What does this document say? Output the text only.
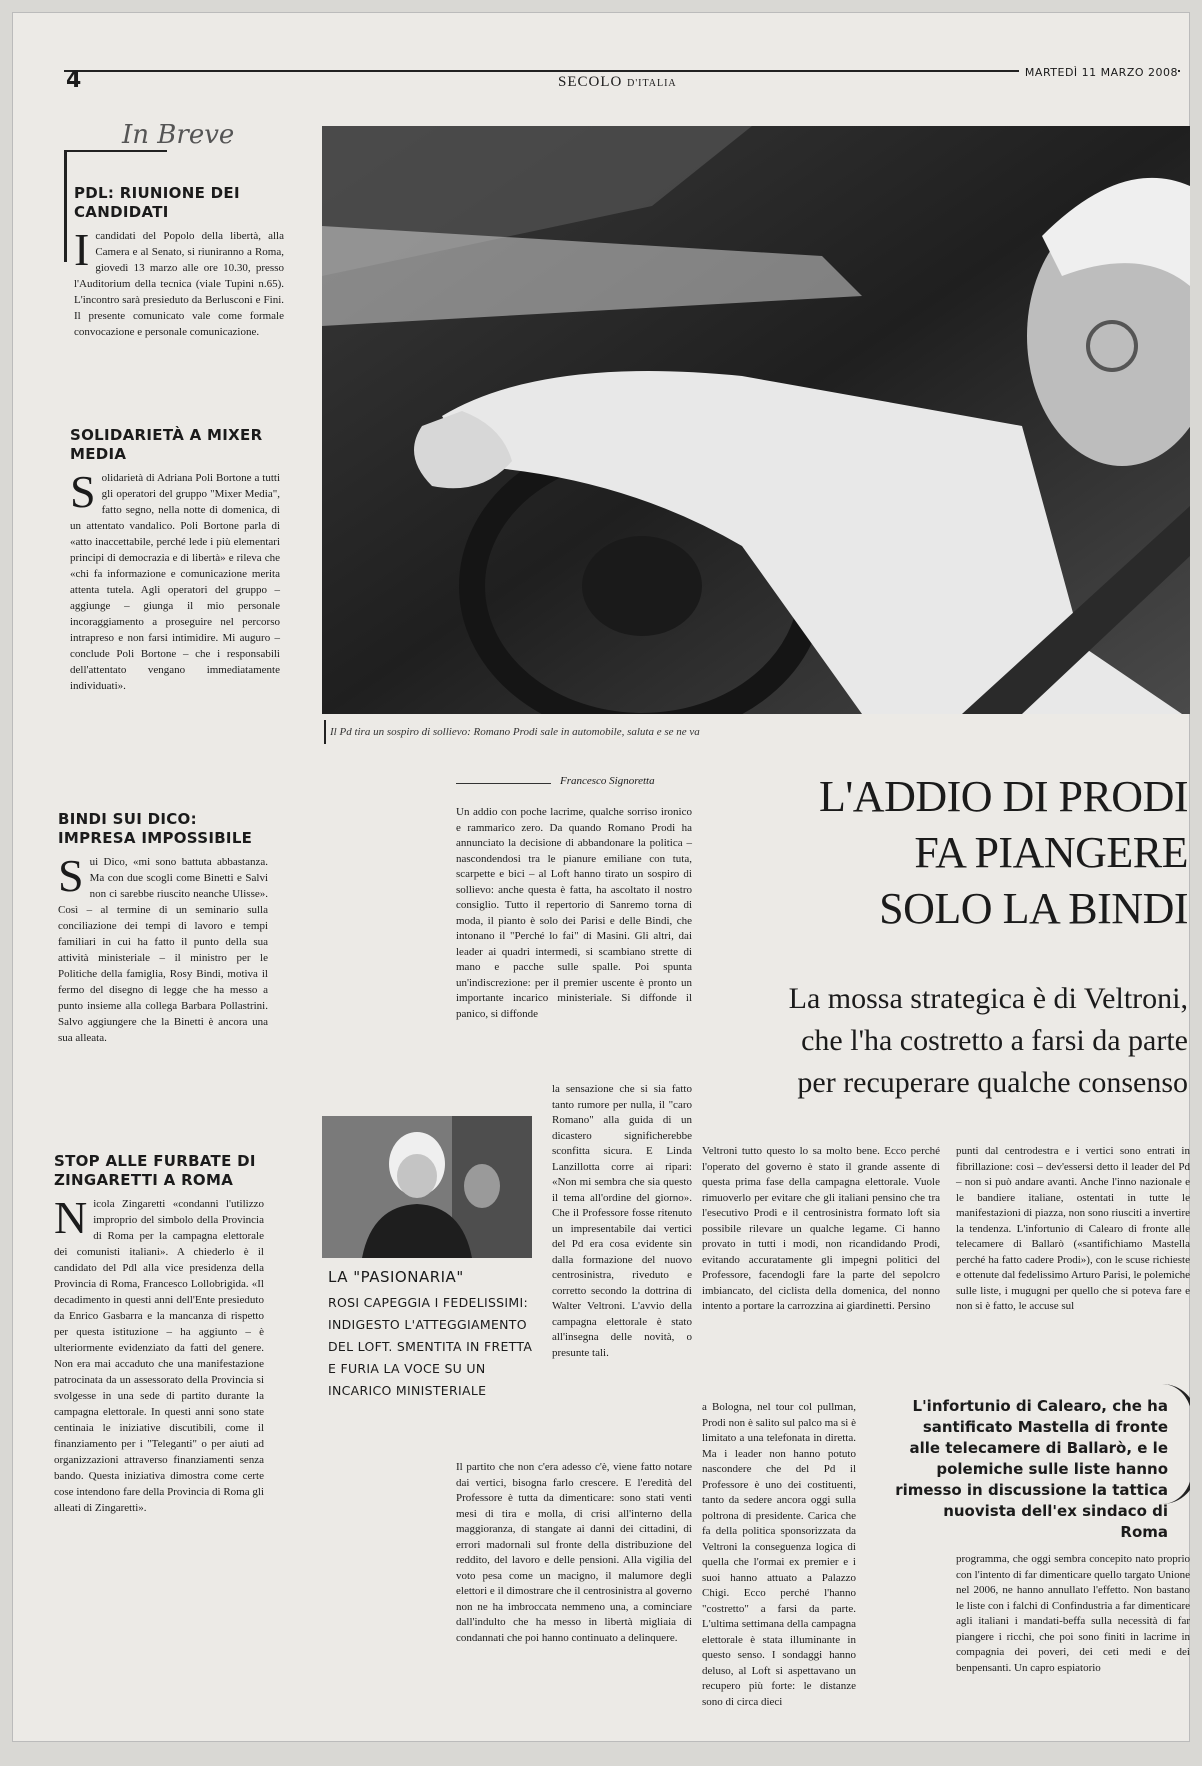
4	SECOLO D'ITALIA
MARTEDÌ 11 MARZO 2008
In Breve
PDL: RIUNIONE DEI CANDIDATI

Icandidati del Popolo della libertà, alla Camera e al Senato, si riuniranno a Roma, giovedì 13 marzo alle ore 10.30, presso l'Auditorium della tecnica (viale Tupini n.65). L'incontro sarà presieduto da Berlusconi e Fini. Il presente comunicato vale come formale convocazione e personale comunicazione.

SOLIDARIETÀ A MIXER MEDIA

Solidarietà di Adriana Poli Bortone a tutti gli operatori del gruppo "Mixer Media", fatto segno, nella notte di domenica, di un attentato vandalico. Poli Bortone parla di «atto inaccettabile, perché lede i più elementari principi di democrazia e di libertà» e rileva che «chi fa informazione e comunicazione merita attenta tutela. Agli operatori del gruppo – aggiunge – giunga il mio personale incoraggiamento a proseguire nel percorso intrapreso e non farsi intimidire. Mi auguro – conclude Poli Bortone – che i responsabili dell'attentato vengano immediatamente individuati».

BINDI SUI DICO: IMPRESA IMPOSSIBILE

Sui Dico, «mi sono battuta abbastanza. Ma con due scogli come Binetti e Salvi non ci sarebbe riuscito neanche Ulisse». Così – al termine di un seminario sulla conciliazione dei tempi di lavoro e tempi familiari in cui ha fatto il punto della sua attività ministeriale – il ministro per le Politiche della famiglia, Rosy Bindi, motiva il fermo del disegno di legge che ha messo a punto insieme alla collega Barbara Pollastrini. Salvo aggiungere che la Binetti è ancora una sua alleata.

STOP ALLE FURBATE DI ZINGARETTI A ROMA

Nicola Zingaretti «condanni l'utilizzo improprio del simbolo della Provincia di Roma per la campagna elettorale dei comunisti italiani». A chiederlo è il candidato del Pdl alla vice presidenza della Provincia di Roma, Francesco Lollobrigida. «Il decadimento in questi anni dell'Ente presieduto da Enrico Gasbarra e la mancanza di rispetto per questa istituzione – ha aggiunto – è ulteriormente evidenziato da fatti del genere. Non era mai accaduto che una manifestazione patrocinata da un assessorato della Provincia si svolgesse in una sede di partito durante la campagna elettorale. In questi anni sono state centinaia le iniziative discutibili, come il finanziamento per i "Teleganti" o per aiuti ad organizzazioni attraverso finanziamenti senza bando. Questa iniziativa dimostra come certe cose intendono fare della Provincia di Roma gli alleati di Zingaretti».

Il Pd tira un sospiro di sollievo: Romano Prodi sale in automobile, saluta e se ne va
Francesco Signoretta	L'ADDIO DI PRODI
FA PIANGERE
SOLO LA BINDI
La mossa strategica è di Veltroni,
che l'ha costretto a farsi da parte
per recuperare qualche consenso

Un addio con poche lacrime, qualche sorriso ironico e rammarico zero. Da quando Romano Prodi ha annunciato la decisione di abbandonare la politica – nascondendosi tra le pianure emiliane con tuta, scarpette e bici – al Loft hanno tirato un sospiro di sollievo: anche questa è fatta, ha ascoltato il nostro consiglio. Tutto il repertorio di Sanremo torna di moda, il pianto è solo dei Parisi e delle Bindi, che intonano il "Perché lo fai" di Masini. Gli altri, dai leader ai quadri intermedi, si scambiano strette di mano e pacche sulle spalle. Poi spunta un'indiscrezione: per il premier uscente è pronto un importante incarico ministeriale. Si diffonde il panico, si diffonde

la sensazione che si sia fatto tanto rumore per nulla, il "caro Romano" alla guida di un dicastero significherebbe sconfitta sicura. E Linda Lanzillotta corre ai ripari: «Non mi sembra che sia questo il tema all'ordine del giorno». Che il Professore fosse ritenuto un impresentabile dai vertici del Pd era cosa evidente sin dalla formazione del nuovo centrosinistra, riveduto e corretto secondo la dottrina di Walter Veltroni. L'avvio della campagna elettorale è stato all'insegna delle novità, o presunte tali.

Il partito che non c'era adesso c'è, viene fatto notare dai vertici, bisogna farlo crescere. E l'eredità del Professore è tutta da dimenticare: sono stati venti mesi di tira e molla, di crisi all'interno della maggioranza, di stangate ai danni dei cittadini, di errori madornali sul fronte della distribuzione del reddito, del lavoro e delle pensioni. Alla vigilia del voto pesa come un macigno, il malumore degli elettori e il dimostrare che il centrosinistra al governo non ne ha imbroccata nemmeno una, a cominciare dall'indulto che ha messo in libertà migliaia di condannati che poi hanno continuato a delinquere.

Veltroni tutto questo lo sa molto bene. Ecco perché l'operato del governo è stato il grande assente di questa prima fase della campagna elettorale. Vuole rimuoverlo per evitare che gli italiani pensino che tra l'esecutivo Prodi e il centrosinistra formato loft sia possibile rilevare un qualche legame. Ci hanno provato in tutti i modi, non ricandidando Prodi, evitando accuratamente gli impegni politici del Professore, facendogli fare la parte del sepolcro imbiancato, del ciclista della domenica, del nonno intento a portare la carrozzina ai giardinetti. Persino

a Bologna, nel tour col pullman, Prodi non è salito sul palco ma si è limitato a una telefonata in diretta. Ma i leader non hanno potuto nascondere che del Pd il Professore è uno dei costituenti, tanto da sedere ancora oggi sulla poltrona di presidente. Carica che fa della politica sponsorizzata da Veltroni la conseguenza logica di quella che l'ormai ex premier e i suoi hanno attuato a Palazzo Chigi. Ecco perché l'hanno "costretto" a farsi da parte. L'ultima settimana della campagna elettorale è stata illuminante in questo senso. I sondaggi hanno deluso, al Loft si aspettavano un recupero più forte: le distanze sono di circa dieci

punti dal centrodestra e i vertici sono entrati in fibrillazione: così – dev'essersi detto il leader del Pd – non si può andare avanti. Anche l'inno nazionale e le bandiere italiane, ostentati in tutte le manifestazioni di piazza, non sono riusciti a invertire la tendenza. L'infortunio di Calearo di fronte alle telecamere di Ballarò («santifichiamo Mastella perché ha fatto cadere Prodi»), con le scuse richieste e ottenute dal fedelissimo Arturo Parisi, le polemiche sulle liste, i mugugni per quello che si poteva fare e non si è fatto, le accuse sul

programma, che oggi sembra concepito nato proprio con l'intento di far dimenticare quello targato Unione nel 2006, ne hanno annullato l'effetto. Non bastano le liste con i falchi di Confindustria a far dimenticare agli italiani i mandati-beffa sulla necessità di far piangere i ricchi, che poi sono finiti in lacrime in compagnia dei poveri, dei ceti medi e dei benpensanti. Un capro espiatorio

LA "PASIONARIA"
ROSI CAPEGGIA I FEDELISSIMI: INDIGESTO L'ATTEGGIAMENTO DEL LOFT. SMENTITA IN FRETTA E FURIA LA VOCE SU UN INCARICO MINISTERIALE
L'infortunio di Calearo, che ha santificato Mastella di fronte alle telecamere di Ballarò, e le polemiche sulle liste hanno rimesso in discussione la tattica nuovista dell'ex sindaco di Roma
